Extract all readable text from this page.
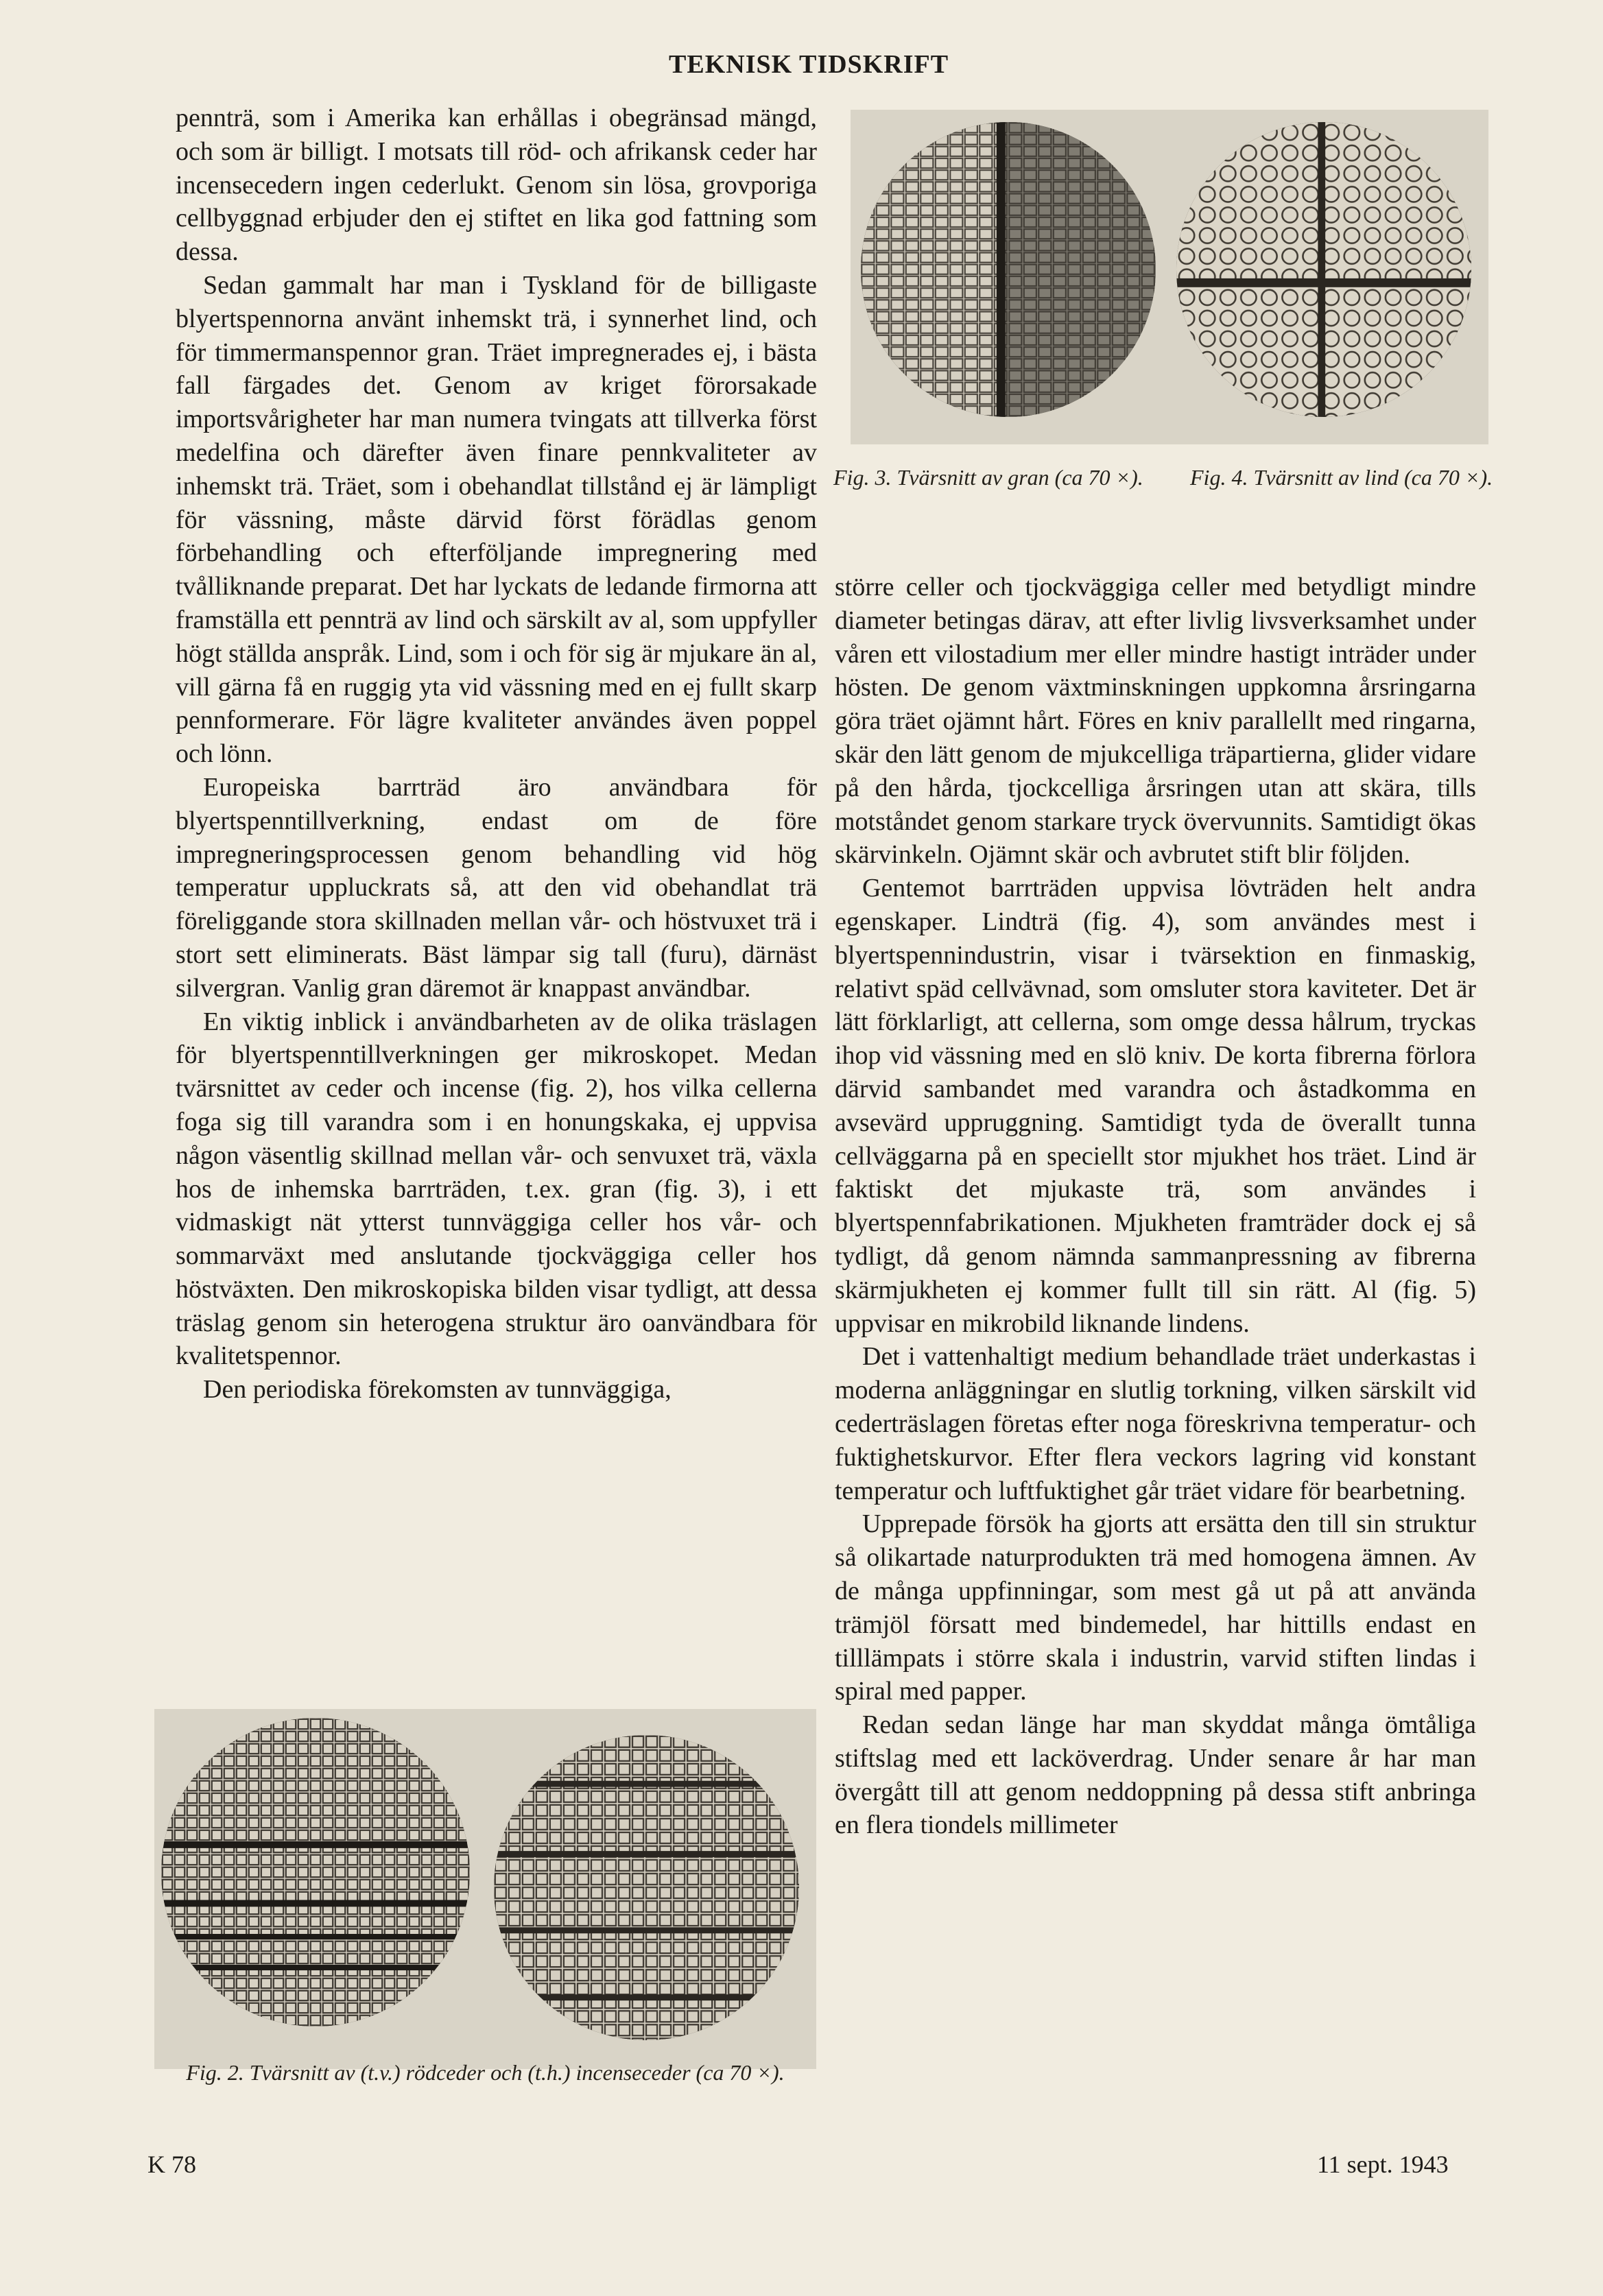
TEKNISK TIDSKRIFT

pennträ, som i Amerika kan erhållas i obegränsad mängd, och som är billigt. I motsats till röd- och afrikansk ceder har incensecedern ingen cederlukt. Genom sin lösa, grovporiga cellbyggnad erbjuder den ej stiftet en lika god fattning som dessa.

Sedan gammalt har man i Tyskland för de billigaste blyertspennorna använt inhemskt trä, i synnerhet lind, och för timmermanspennor gran. Träet impregnerades ej, i bästa fall färgades det. Genom av kriget förorsakade importsvårigheter har man numera tvingats att tillverka först medelfina och därefter även finare pennkvaliteter av inhemskt trä. Träet, som i obehandlat tillstånd ej är lämpligt för vässning, måste därvid först förädlas genom förbehandling och efterföljande impregnering med tvålliknande preparat. Det har lyckats de ledande firmorna att framställa ett pennträ av lind och särskilt av al, som uppfyller högt ställda anspråk. Lind, som i och för sig är mjukare än al, vill gärna få en ruggig yta vid vässning med en ej fullt skarp pennformerare. För lägre kvaliteter användes även poppel och lönn.

Europeiska barrträd äro användbara för blyertspenntillverkning, endast om de före impregneringsprocessen genom behandling vid hög temperatur uppluckrats så, att den vid obehandlat trä föreliggande stora skillnaden mellan vår- och höstvuxet trä i stort sett eliminerats. Bäst lämpar sig tall (furu), därnäst silvergran. Vanlig gran däremot är knappast användbar.

En viktig inblick i användbarheten av de olika träslagen för blyertspenntillverkningen ger mikroskopet. Medan tvärsnittet av ceder och incense (fig. 2), hos vilka cellerna foga sig till varandra som i en honungskaka, ej uppvisa någon väsentlig skillnad mellan vår- och senvuxet trä, växla hos de inhemska barrträden, t.ex. gran (fig. 3), i ett vidmaskigt nät ytterst tunnväggiga celler hos vår- och sommarväxt med anslutande tjockväggiga celler hos höstväxten. Den mikroskopiska bilden visar tydligt, att dessa träslag genom sin heterogena struktur äro oanvändbara för kvalitetspennor.

Den periodiska förekomsten av tunnväggiga,

Fig. 3. Tvärsnitt av gran (ca 70 ×). Fig. 4. Tvärsnitt av lind (ca 70 ×).

större celler och tjockväggiga celler med betydligt mindre diameter betingas därav, att efter livlig livsverksamhet under våren ett vilostadium mer eller mindre hastigt inträder under hösten. De genom växtminskningen uppkomna årsringarna göra träet ojämnt hårt. Föres en kniv parallellt med ringarna, skär den lätt genom de mjukcelliga träpartierna, glider vidare på den hårda, tjockcelliga årsringen utan att skära, tills motståndet genom starkare tryck övervunnits. Samtidigt ökas skärvinkeln. Ojämnt skär och avbrutet stift blir följden.

Gentemot barrträden uppvisa lövträden helt andra egenskaper. Lindträ (fig. 4), som användes mest i blyertspennindustrin, visar i tvärsektion en finmaskig, relativt späd cellvävnad, som omsluter stora kaviteter. Det är lätt förklarligt, att cellerna, som omge dessa hålrum, tryckas ihop vid vässning med en slö kniv. De korta fibrerna förlora därvid sambandet med varandra och åstadkomma en avsevärd uppruggning. Samtidigt tyda de överallt tunna cellväggarna på en speciellt stor mjukhet hos träet. Lind är faktiskt det mjukaste trä, som användes i blyertspennfabrikationen. Mjukheten framträder dock ej så tydligt, då genom nämnda sammanpressning av fibrerna skärmjukheten ej kommer fullt till sin rätt. Al (fig. 5) uppvisar en mikrobild liknande lindens.

Det i vattenhaltigt medium behandlade träet underkastas i moderna anläggningar en slutlig torkning, vilken särskilt vid cederträslagen företas efter noga föreskrivna temperatur- och fuktighetskurvor. Efter flera veckors lagring vid konstant temperatur och luftfuktighet går träet vidare för bearbetning.

Upprepade försök ha gjorts att ersätta den till sin struktur så olikartade naturprodukten trä med homogena ämnen. Av de många uppfinningar, som mest gå ut på att använda trämjöl försatt med bindemedel, har hittills endast en tilllämpats i större skala i industrin, varvid stiften lindas i spiral med papper.

Redan sedan länge har man skyddat många ömtåliga stiftslag med ett lacköverdrag. Under senare år har man övergått till att genom neddoppning på dessa stift anbringa en flera tiondels millimeter

Fig. 2. Tvärsnitt av (t.v.) rödceder och (t.h.) incenseceder (ca 70 ×).
K 78	11 sept. 1943
